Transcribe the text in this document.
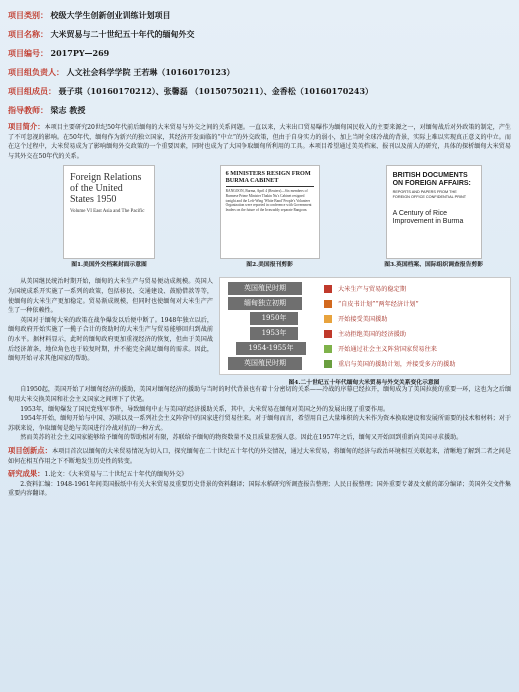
项目类别： 校级大学生创新创业训练计划项目
项目名称： 大米贸易与二十世纪五十年代的缅甸外交
项目编号： 2017PY—269
项目组负责人： 人文社会科学学院 王若琳（10160170123）
项目组成员： 聂子琪（10160170212）、张馨磊 （10150750211）、金香松（10160170243）
指导教师： 梁志 教授

项目简介：本项目主要研究20世纪50年代前后缅甸的大米贸易与外交之间的关系问题。一直以来，大米出口贸易曝作为缅甸国民收入的主要来源之一，对缅甸战后对外政策的制定，产生了不可忽视的影响。在50年代，缅甸作为新兴的独立国家，其经济开发面临的“中立”的外交政策，但由于自身实力的弱小，加上当时全球冷战的背景，实际上难以实现真正意义的中立。而在这个过程中，大米贸易成为了影响缅甸外交政策的一个重要因素，同时也成为了大国争取缅甸所利用的工具。本项目希望通过美英档案、报刊以及前人的研究，具体的探析缅甸大米贸易与其外交在50年代的关系。

Foreign Relations of the United States 1950
Volume VI East Asia and The Pacific
图1.美国外交档案封面示意图
6 MINISTERS RESIGN FROM BURMA CABINET
RANGOON, Burma, April 4 (Reuters)—Six members of Burmese Prime Minister Thakin Nu's Cabinet resigned tonight and the Left-Wing 'White Band' People's Volunteer Organization were reported in conference with Government leaders on the future of the Irrawaddy separate Rangoon.
图2.美国报刊剪影
BRITISH DOCUMENTS ON FOREIGN AFFAIRS:
REPORTS AND PAPERS FROM THE FOREIGN OFFICE CONFIDENTIAL PRINT
A Century of Rice Improvement in Burma
图3.英国档案、国际组织调查报告剪影

从美国继民统治时期开始，缅甸的大米生产与贸易便动成规模。英国人为国统成系开实施了一系列的政策，包括移民、交通建设、鼓励借款等等，使缅甸的大米生产更加稳定。贸易渐成规模，但同时也使缅甸对大米生产产生了一种依赖性。

英国对于缅甸大米的政策在战争爆发以后便中断了。1948年独立以后，缅甸政府开始实施了一揽子合计的资助时的大米生产与贸易能够回归到战前的水平。据材料显示，此时的缅甸政府更加重视经济的恢复，但由于美国战后经济萧条，地位角色也于较复时期，并不能完全满足缅甸的需求。因此，缅甸开始寻求其他国家的帮助。

英国殖民时期	大米生产与贸易的稳定期
缅甸独立初期	“自皮书计划”“两年经济计划”
1950年	开始接受美国援助
1953年	主动拒绝美国的经济援助
1954-1955年	开始通过社会主义阵营国家贸易往来
英国殖民时期	重启与美国的援助计划，并接受多方的援助
图4.二十世纪五十年代缅甸大米贸易与外交关系变化示意图

自1950起，美国开始了对缅甸经济的援助，美国对缅甸经济的援助与当时的时代背景也有着十分密切的关系——冷战的序幕已经拉开，缅甸成为了美国拉拢的重要一环，这也为之后缅甸用大米交换美国和社会主义国家之间埋下了伏笔。

1953年，缅甸爆发了国民党残军事件，导致缅甸中止与美国的经济援助关系，其中，大米贸易在缅甸对美国之外的发展出现了重要作用。

1954年开始，缅甸开始与中国、苏联以及一系列社会主义阵营中的国家进行贸易往来。对于缅甸而言，希望用自己大量堆积的大米作为资本换取建设和发展所需要的技术和材料；对于苏联来说，争取缅甸是绝与美国进行冷战对抗的一种方式。

然而美苏的社会主义国家能够给予缅甸的帮助相对有限，苏联给予缅甸的物资数量不及且质量差强人意。因此在1957年之后，缅甸又开始回到重新向美国寻求援助。

项目创新点：本项目首次以缅甸的大米贸易情况为切入口，探究缅甸在二十世纪五十年代的外交情况，通过大米贸易，将缅甸的经济与政治环境相互关联起来，清晰地了解到二者之间是如何在相互作用之下不断地发生历史性的转变。

研究成果：1.论文：《大米贸易与二十世纪五十年代的缅甸外交》

2.资料汇编：1948-1961年间美国报纸中有关大米贸易及重要历史背景的资料翻译；国际水稻研究所调查报告整理；人民日报整理；国外重要专著及文献的部分编译；美国外交文件集重要内容翻译。
